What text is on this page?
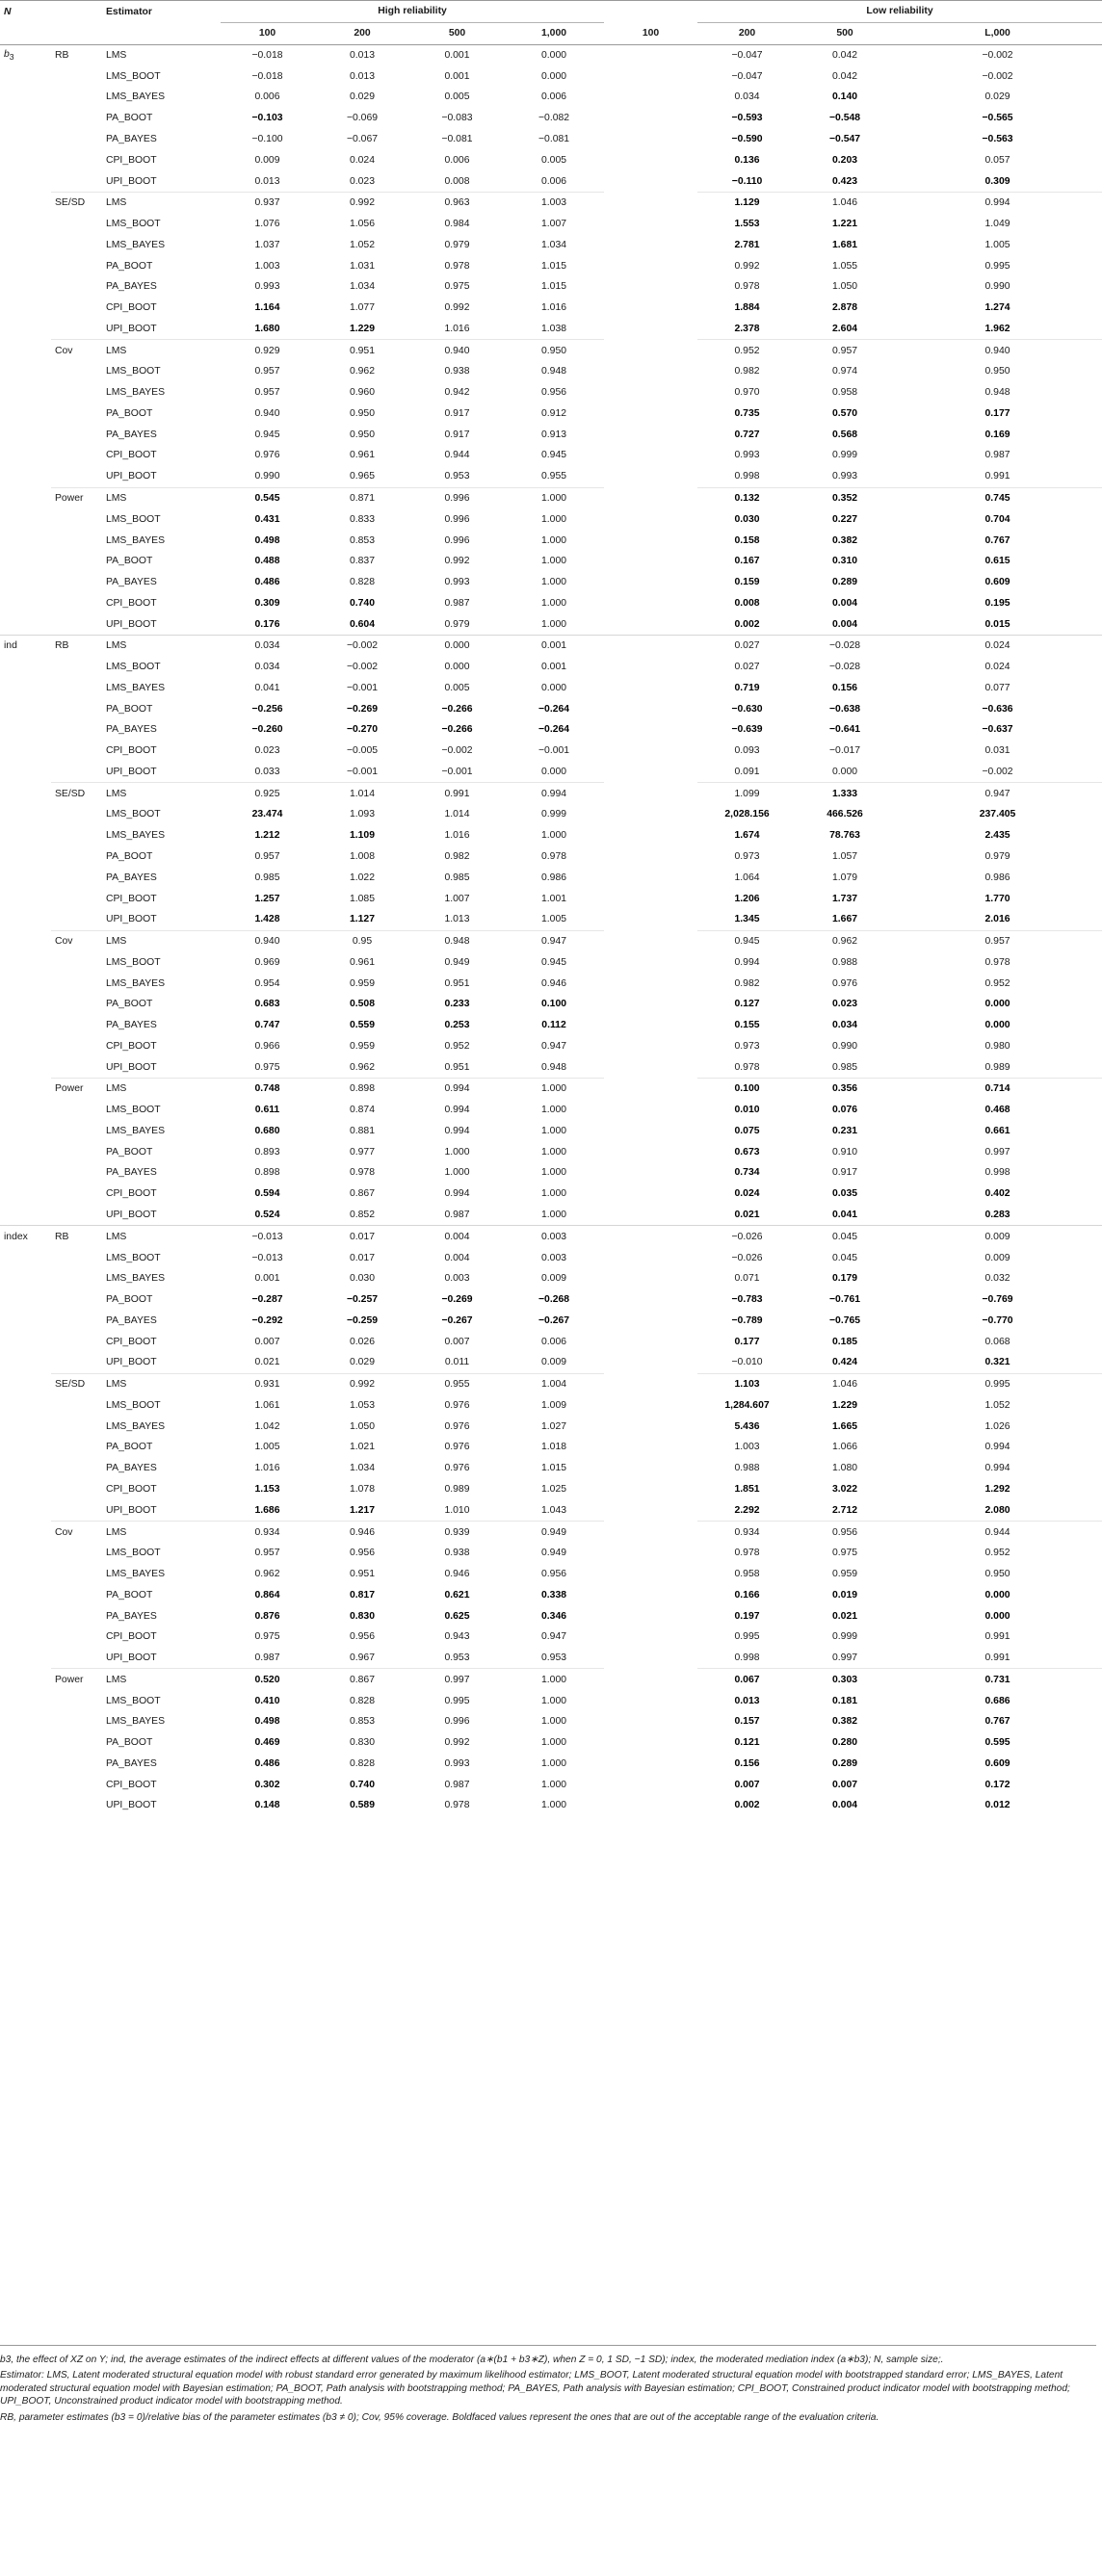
N		Estimator	High reliability					Low reliability			
			100	200	500	1,000	100	200	500	L,000	
$b_3$	RB	LMS	−0.018	0.013	0.001	0.000		−0.047	0.042	−0.002	
		LMS_BOOT	−0.018	0.013	0.001	0.000		−0.047	0.042	−0.002	
		LMS_BAYES	0.006	0.029	0.005	0.006		0.034	0.140	0.029	
		PA_BOOT	−0.103	−0.069	−0.083	−0.082		−0.593	−0.548	−0.565	
		PA_BAYES	−0.100	−0.067	−0.081	−0.081		−0.590	−0.547	−0.563	
		CPI_BOOT	0.009	0.024	0.006	0.005		0.136	0.203	0.057	
		UPI_BOOT	0.013	0.023	0.008	0.006		−0.110	0.423	0.309	
	SE/SD	LMS	0.937	0.992	0.963	1.003		1.129	1.046	0.994	
		LMS_BOOT	1.076	1.056	0.984	1.007		1.553	1.221	1.049	
		LMS_BAYES	1.037	1.052	0.979	1.034		2.781	1.681	1.005	
		PA_BOOT	1.003	1.031	0.978	1.015		0.992	1.055	0.995	
		PA_BAYES	0.993	1.034	0.975	1.015		0.978	1.050	0.990	
		CPI_BOOT	1.164	1.077	0.992	1.016		1.884	2.878	1.274	
		UPI_BOOT	1.680	1.229	1.016	1.038		2.378	2.604	1.962	
	Cov	LMS	0.929	0.951	0.940	0.950		0.952	0.957	0.940	
		LMS_BOOT	0.957	0.962	0.938	0.948		0.982	0.974	0.950	
		LMS_BAYES	0.957	0.960	0.942	0.956		0.970	0.958	0.948	
		PA_BOOT	0.940	0.950	0.917	0.912		0.735	0.570	0.177	
		PA_BAYES	0.945	0.950	0.917	0.913		0.727	0.568	0.169	
		CPI_BOOT	0.976	0.961	0.944	0.945		0.993	0.999	0.987	
		UPI_BOOT	0.990	0.965	0.953	0.955		0.998	0.993	0.991	
	Power	LMS	0.545	0.871	0.996	1.000		0.132	0.352	0.745	
		LMS_BOOT	0.431	0.833	0.996	1.000		0.030	0.227	0.704	
		LMS_BAYES	0.498	0.853	0.996	1.000		0.158	0.382	0.767	
		PA_BOOT	0.488	0.837	0.992	1.000		0.167	0.310	0.615	
		PA_BAYES	0.486	0.828	0.993	1.000		0.159	0.289	0.609	
		CPI_BOOT	0.309	0.740	0.987	1.000		0.008	0.004	0.195	
		UPI_BOOT	0.176	0.604	0.979	1.000		0.002	0.004	0.015	
ind	RB	LMS	0.034	−0.002	0.000	0.001		0.027	−0.028	0.024	
		LMS_BOOT	0.034	−0.002	0.000	0.001		0.027	−0.028	0.024	
		LMS_BAYES	0.041	−0.001	0.005	0.000		0.719	0.156	0.077	
		PA_BOOT	−0.256	−0.269	−0.266	−0.264		−0.630	−0.638	−0.636	
		PA_BAYES	−0.260	−0.270	−0.266	−0.264		−0.639	−0.641	−0.637	
		CPI_BOOT	0.023	−0.005	−0.002	−0.001		0.093	−0.017	0.031	
		UPI_BOOT	0.033	−0.001	−0.001	0.000		0.091	0.000	−0.002	
	SE/SD	LMS	0.925	1.014	0.991	0.994		1.099	1.333	0.947	
		LMS_BOOT	23.474	1.093	1.014	0.999		2,028.156	466.526	237.405	
		LMS_BAYES	1.212	1.109	1.016	1.000		1.674	78.763	2.435	
		PA_BOOT	0.957	1.008	0.982	0.978		0.973	1.057	0.979	
		PA_BAYES	0.985	1.022	0.985	0.986		1.064	1.079	0.986	
		CPI_BOOT	1.257	1.085	1.007	1.001		1.206	1.737	1.770	
		UPI_BOOT	1.428	1.127	1.013	1.005		1.345	1.667	2.016	
	Cov	LMS	0.940	0.95	0.948	0.947		0.945	0.962	0.957	
		LMS_BOOT	0.969	0.961	0.949	0.945		0.994	0.988	0.978	
		LMS_BAYES	0.954	0.959	0.951	0.946		0.982	0.976	0.952	
		PA_BOOT	0.683	0.508	0.233	0.100		0.127	0.023	0.000	
		PA_BAYES	0.747	0.559	0.253	0.112		0.155	0.034	0.000	
		CPI_BOOT	0.966	0.959	0.952	0.947		0.973	0.990	0.980	
		UPI_BOOT	0.975	0.962	0.951	0.948		0.978	0.985	0.989	
	Power	LMS	0.748	0.898	0.994	1.000		0.100	0.356	0.714	
		LMS_BOOT	0.611	0.874	0.994	1.000		0.010	0.076	0.468	
		LMS_BAYES	0.680	0.881	0.994	1.000		0.075	0.231	0.661	
		PA_BOOT	0.893	0.977	1.000	1.000		0.673	0.910	0.997	
		PA_BAYES	0.898	0.978	1.000	1.000		0.734	0.917	0.998	
		CPI_BOOT	0.594	0.867	0.994	1.000		0.024	0.035	0.402	
		UPI_BOOT	0.524	0.852	0.987	1.000		0.021	0.041	0.283	
index	RB	LMS	−0.013	0.017	0.004	0.003		−0.026	0.045	0.009	
		LMS_BOOT	−0.013	0.017	0.004	0.003		−0.026	0.045	0.009	
		LMS_BAYES	0.001	0.030	0.003	0.009		0.071	0.179	0.032	
		PA_BOOT	−0.287	−0.257	−0.269	−0.268		−0.783	−0.761	−0.769	
		PA_BAYES	−0.292	−0.259	−0.267	−0.267		−0.789	−0.765	−0.770	
		CPI_BOOT	0.007	0.026	0.007	0.006		0.177	0.185	0.068	
		UPI_BOOT	0.021	0.029	0.011	0.009		−0.010	0.424	0.321	
	SE/SD	LMS	0.931	0.992	0.955	1.004		1.103	1.046	0.995	
		LMS_BOOT	1.061	1.053	0.976	1.009		1,284.607	1.229	1.052	
		LMS_BAYES	1.042	1.050	0.976	1.027		5.436	1.665	1.026	
		PA_BOOT	1.005	1.021	0.976	1.018		1.003	1.066	0.994	
		PA_BAYES	1.016	1.034	0.976	1.015		0.988	1.080	0.994	
		CPI_BOOT	1.153	1.078	0.989	1.025		1.851	3.022	1.292	
		UPI_BOOT	1.686	1.217	1.010	1.043		2.292	2.712	2.080	
	Cov	LMS	0.934	0.946	0.939	0.949		0.934	0.956	0.944	
		LMS_BOOT	0.957	0.956	0.938	0.949		0.978	0.975	0.952	
		LMS_BAYES	0.962	0.951	0.946	0.956		0.958	0.959	0.950	
		PA_BOOT	0.864	0.817	0.621	0.338		0.166	0.019	0.000	
		PA_BAYES	0.876	0.830	0.625	0.346		0.197	0.021	0.000	
		CPI_BOOT	0.975	0.956	0.943	0.947		0.995	0.999	0.991	
		UPI_BOOT	0.987	0.967	0.953	0.953		0.998	0.997	0.991	
	Power	LMS	0.520	0.867	0.997	1.000		0.067	0.303	0.731	
		LMS_BOOT	0.410	0.828	0.995	1.000		0.013	0.181	0.686	
		LMS_BAYES	0.498	0.853	0.996	1.000		0.157	0.382	0.767	
		PA_BOOT	0.469	0.830	0.992	1.000		0.121	0.280	0.595	
		PA_BAYES	0.486	0.828	0.993	1.000		0.156	0.289	0.609	
		CPI_BOOT	0.302	0.740	0.987	1.000		0.007	0.007	0.172	
		UPI_BOOT	0.148	0.589	0.978	1.000		0.002	0.004	0.012	

b3, the effect of XZ on Y; ind, the average estimates of the indirect effects at different values of the moderator (a∗(b1 + b3∗Z), when Z = 0, 1 SD, −1 SD); index, the moderated mediation index (a∗b3); N, sample size;.

Estimator: LMS, Latent moderated structural equation model with robust standard error generated by maximum likelihood estimator; LMS_BOOT, Latent moderated structural equation model with bootstrapped standard error; LMS_BAYES, Latent moderated structural equation model with Bayesian estimation; PA_BOOT, Path analysis with bootstrapping method; PA_BAYES, Path analysis with Bayesian estimation; CPI_BOOT, Constrained product indicator model with bootstrapping method; UPI_BOOT, Unconstrained product indicator model with bootstrapping method.

RB, parameter estimates (b3 = 0)/relative bias of the parameter estimates (b3 ≠ 0); Cov, 95% coverage. Boldfaced values represent the ones that are out of the acceptable range of the evaluation criteria.
